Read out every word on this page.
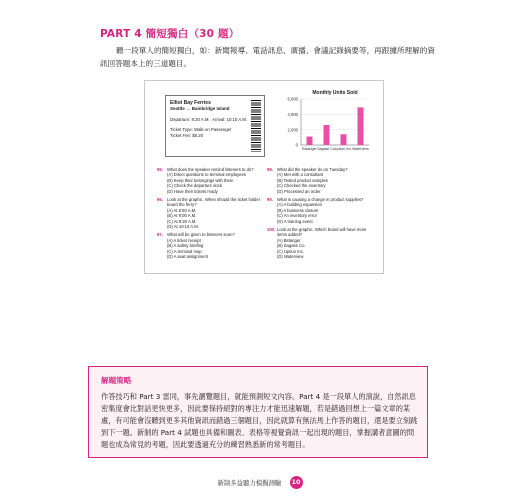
PART 4 簡短獨白（30 題）
聽一段單人的簡短獨白，如：新聞報導、電話訊息、廣播、會議記錄摘要等，再跟據所理解的資訊回答題本上的三道題目。
Elliot Bay Ferries
Seattle → Bainbridge Island
Departure: 9:20 A.M. Arrival: 10:10 A.M.
Ticket Type: Walk-on Passenger
Ticket Fee: $8.20
Monthly Units Sold
6,000
4,000
2,000
0
Bstanger Sagase Co. Uption Inc. Waterview
95. What does the speaker remind listeners to do?
(A) Direct questions to terminal employees
(B) Keep their belongings with them
(C) Check the departure dock
(D) Have their tickets ready
96. Look at the graphic. When should the ticket holder board the ferry?
(A) At 8:50 A.M.
(B) At 9:00 A.M.
(C) At 9:20 A.M.
(D) At 10:10 A.M.
97. What will be given to listeners soon?
(A) A ticket receipt
(B) A safety briefing
(C) A terminal map
(D) A seat assignment
98. What did the speaker do on Tuesday?
(A) Met with a consultant
(B) Tested product samples
(C) Checked the inventory
(D) Processed an order
99. What is causing a change in product supplies?
(A) A building expansion
(B) A business closure
(C) An inventory error
(D) A training event
100. Look at the graphic. Which brand will have more items added?
(A) Bstanger
(B) Sagase Co.
(C) Uption Inc.
(D) Waterview
解題策略
作答技巧和 Part 3 雷同，事先瀏覽題目，就能預測短文內容。Part 4 是一段單人的演說，自然訊息密集度會比對話更快更多，因此要保持絕對的專注力才能迅速解題，若是錯過回想上一篇文章的某處，有可能會沒聽到更多其他資訊而錯過三個題目，因此就算有無法馬上作答的題目，還是要立刻跳到下一題。新制的 Part 4 試題也具備和圖表、表格等視覺資訊一起出現的題目，掌握講者意圖的問題也成為常見的考題，因此要透過充分的練習熟悉新的常考題目。
新制多益聽力模擬測驗 10
